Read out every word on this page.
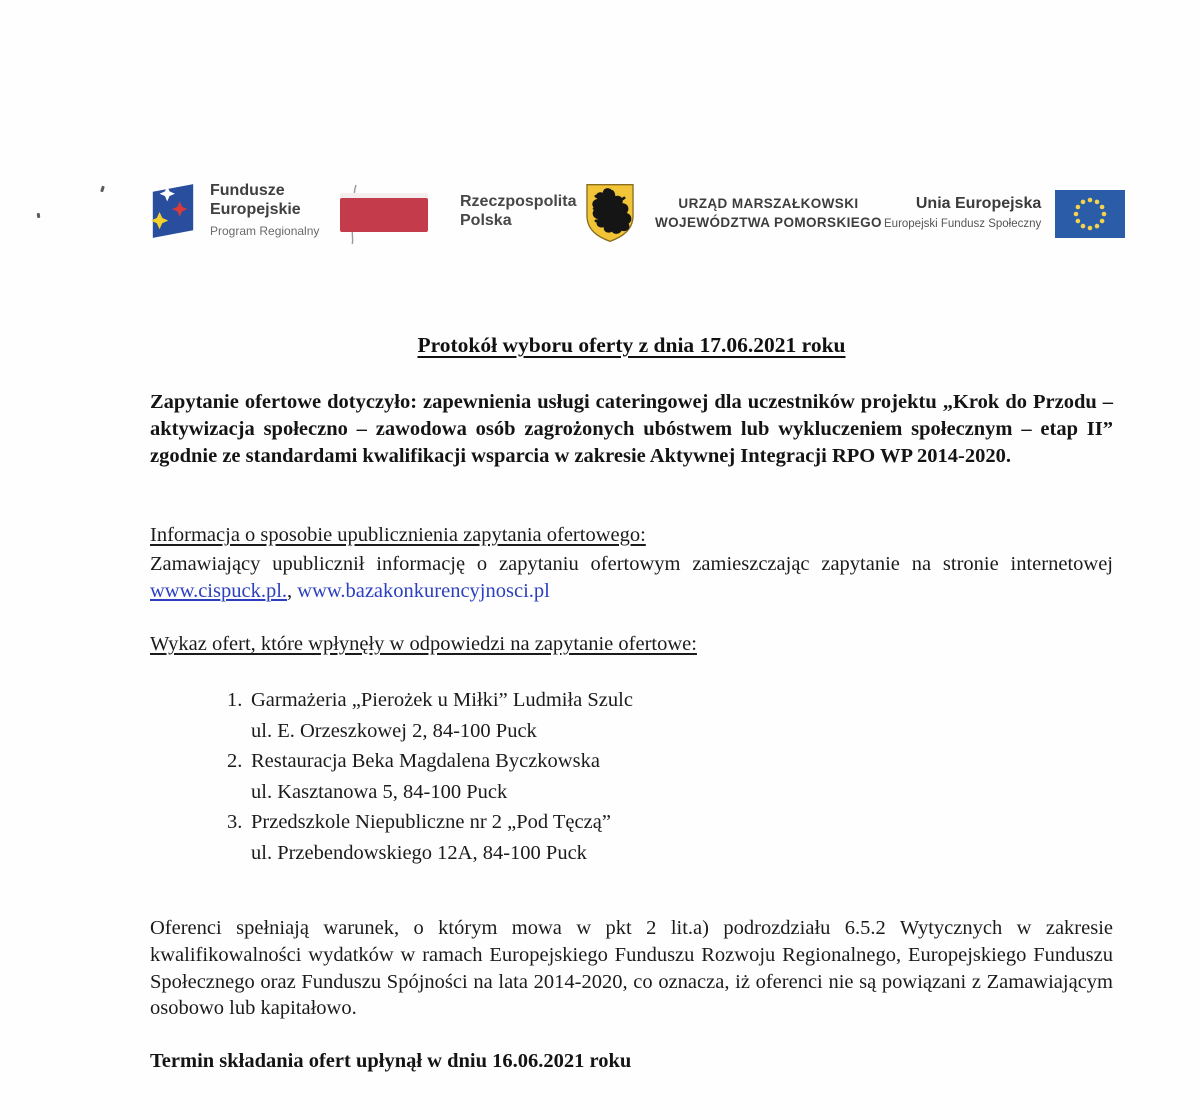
Fundusze
Europejskie
Program Regionalny
Rzeczpospolita
Polska
URZĄD MARSZAŁKOWSKI
WOJEWÓDZTWA POMORSKIEGO
Unia Europejska
Europejski Fundusz Społeczny
Protokół wyboru oferty z dnia 17.06.2021 roku

Zapytanie ofertowe dotyczyło: zapewnienia usługi cateringowej dla uczestników projektu „Krok do Przodu – aktywizacja społeczno – zawodowa osób zagrożonych ubóstwem lub wykluczeniem społecznym – etap II” zgodnie ze standardami kwalifikacji wsparcia w zakresie Aktywnej Integracji RPO WP 2014-2020.

Informacja o sposobie upublicznienia zapytania ofertowego:

Zamawiający upublicznił informację o zapytaniu ofertowym zamieszczając zapytanie na stronie internetowej www.cispuck.pl., www.bazakonkurencyjnosci.pl

Wykaz ofert, które wpłynęły w odpowiedzi na zapytanie ofertowe:
1. Garmażeria „Pierożek u Miłki” Ludmiła Szulc
ul. E. Orzeszkowej 2, 84-100 Puck
2. Restauracja Beka Magdalena Byczkowska
ul. Kasztanowa 5, 84-100 Puck
3. Przedszkole Niepubliczne nr 2 „Pod Tęczą”
ul. Przebendowskiego 12A, 84-100 Puck

Oferenci spełniają warunek, o którym mowa w pkt 2 lit.a) podrozdziału 6.5.2 Wytycznych w zakresie kwalifikowalności wydatków w ramach Europejskiego Funduszu Rozwoju Regionalnego, Europejskiego Funduszu Społecznego oraz Funduszu Spójności na lata 2014-2020, co oznacza, iż oferenci nie są powiązani z Zamawiającym osobowo lub kapitałowo.

Termin składania ofert upłynął w dniu 16.06.2021 roku
